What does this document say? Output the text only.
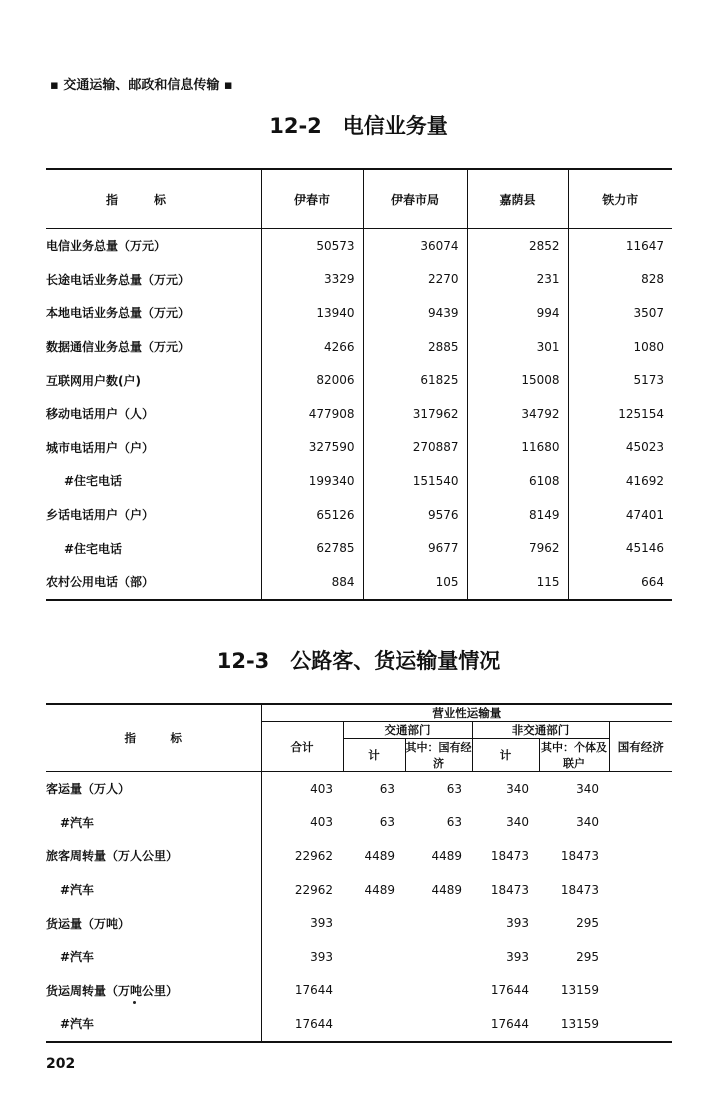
▪ 交通运输、邮政和信息传输 ▪
12-2　电信业务量
指　　　标	伊春市	伊春市局	嘉荫县	铁力市
电信业务总量（万元）	50573	36074	2852	11647
长途电话业务总量（万元）	3329	2270	231	828
本地电话业务总量（万元）	13940	9439	994	3507
数据通信业务总量（万元）	4266	2885	301	1080
互联网用户数(户)	82006	61825	15008	5173
移动电话用户（人）	477908	317962	34792	125154
城市电话用户（户）	327590	270887	11680	45023
#住宅电话	199340	151540	6108	41692
乡话电话用户（户）	65126	9576	8149	47401
#住宅电话	62785	9677	7962	45146
农村公用电话（部）	884	105	115	664
12-3　公路客、货运输量情况
指　　　标	营业性运输量					
	合计	交通部门		非交通部门		国有经济
		计	其中：国有经济	计	其中：个体及联户	
客运量（万人）	403	63	63	340	340	
#汽车	403	63	63	340	340	
旅客周转量（万人公里）	22962	4489	4489	18473	18473	
#汽车	22962	4489	4489	18473	18473	
货运量（万吨）	393			393	295	
#汽车	393			393	295	
货运周转量（万吨公里）	17644			17644	13159	
#汽车	17644			17644	13159	
202
